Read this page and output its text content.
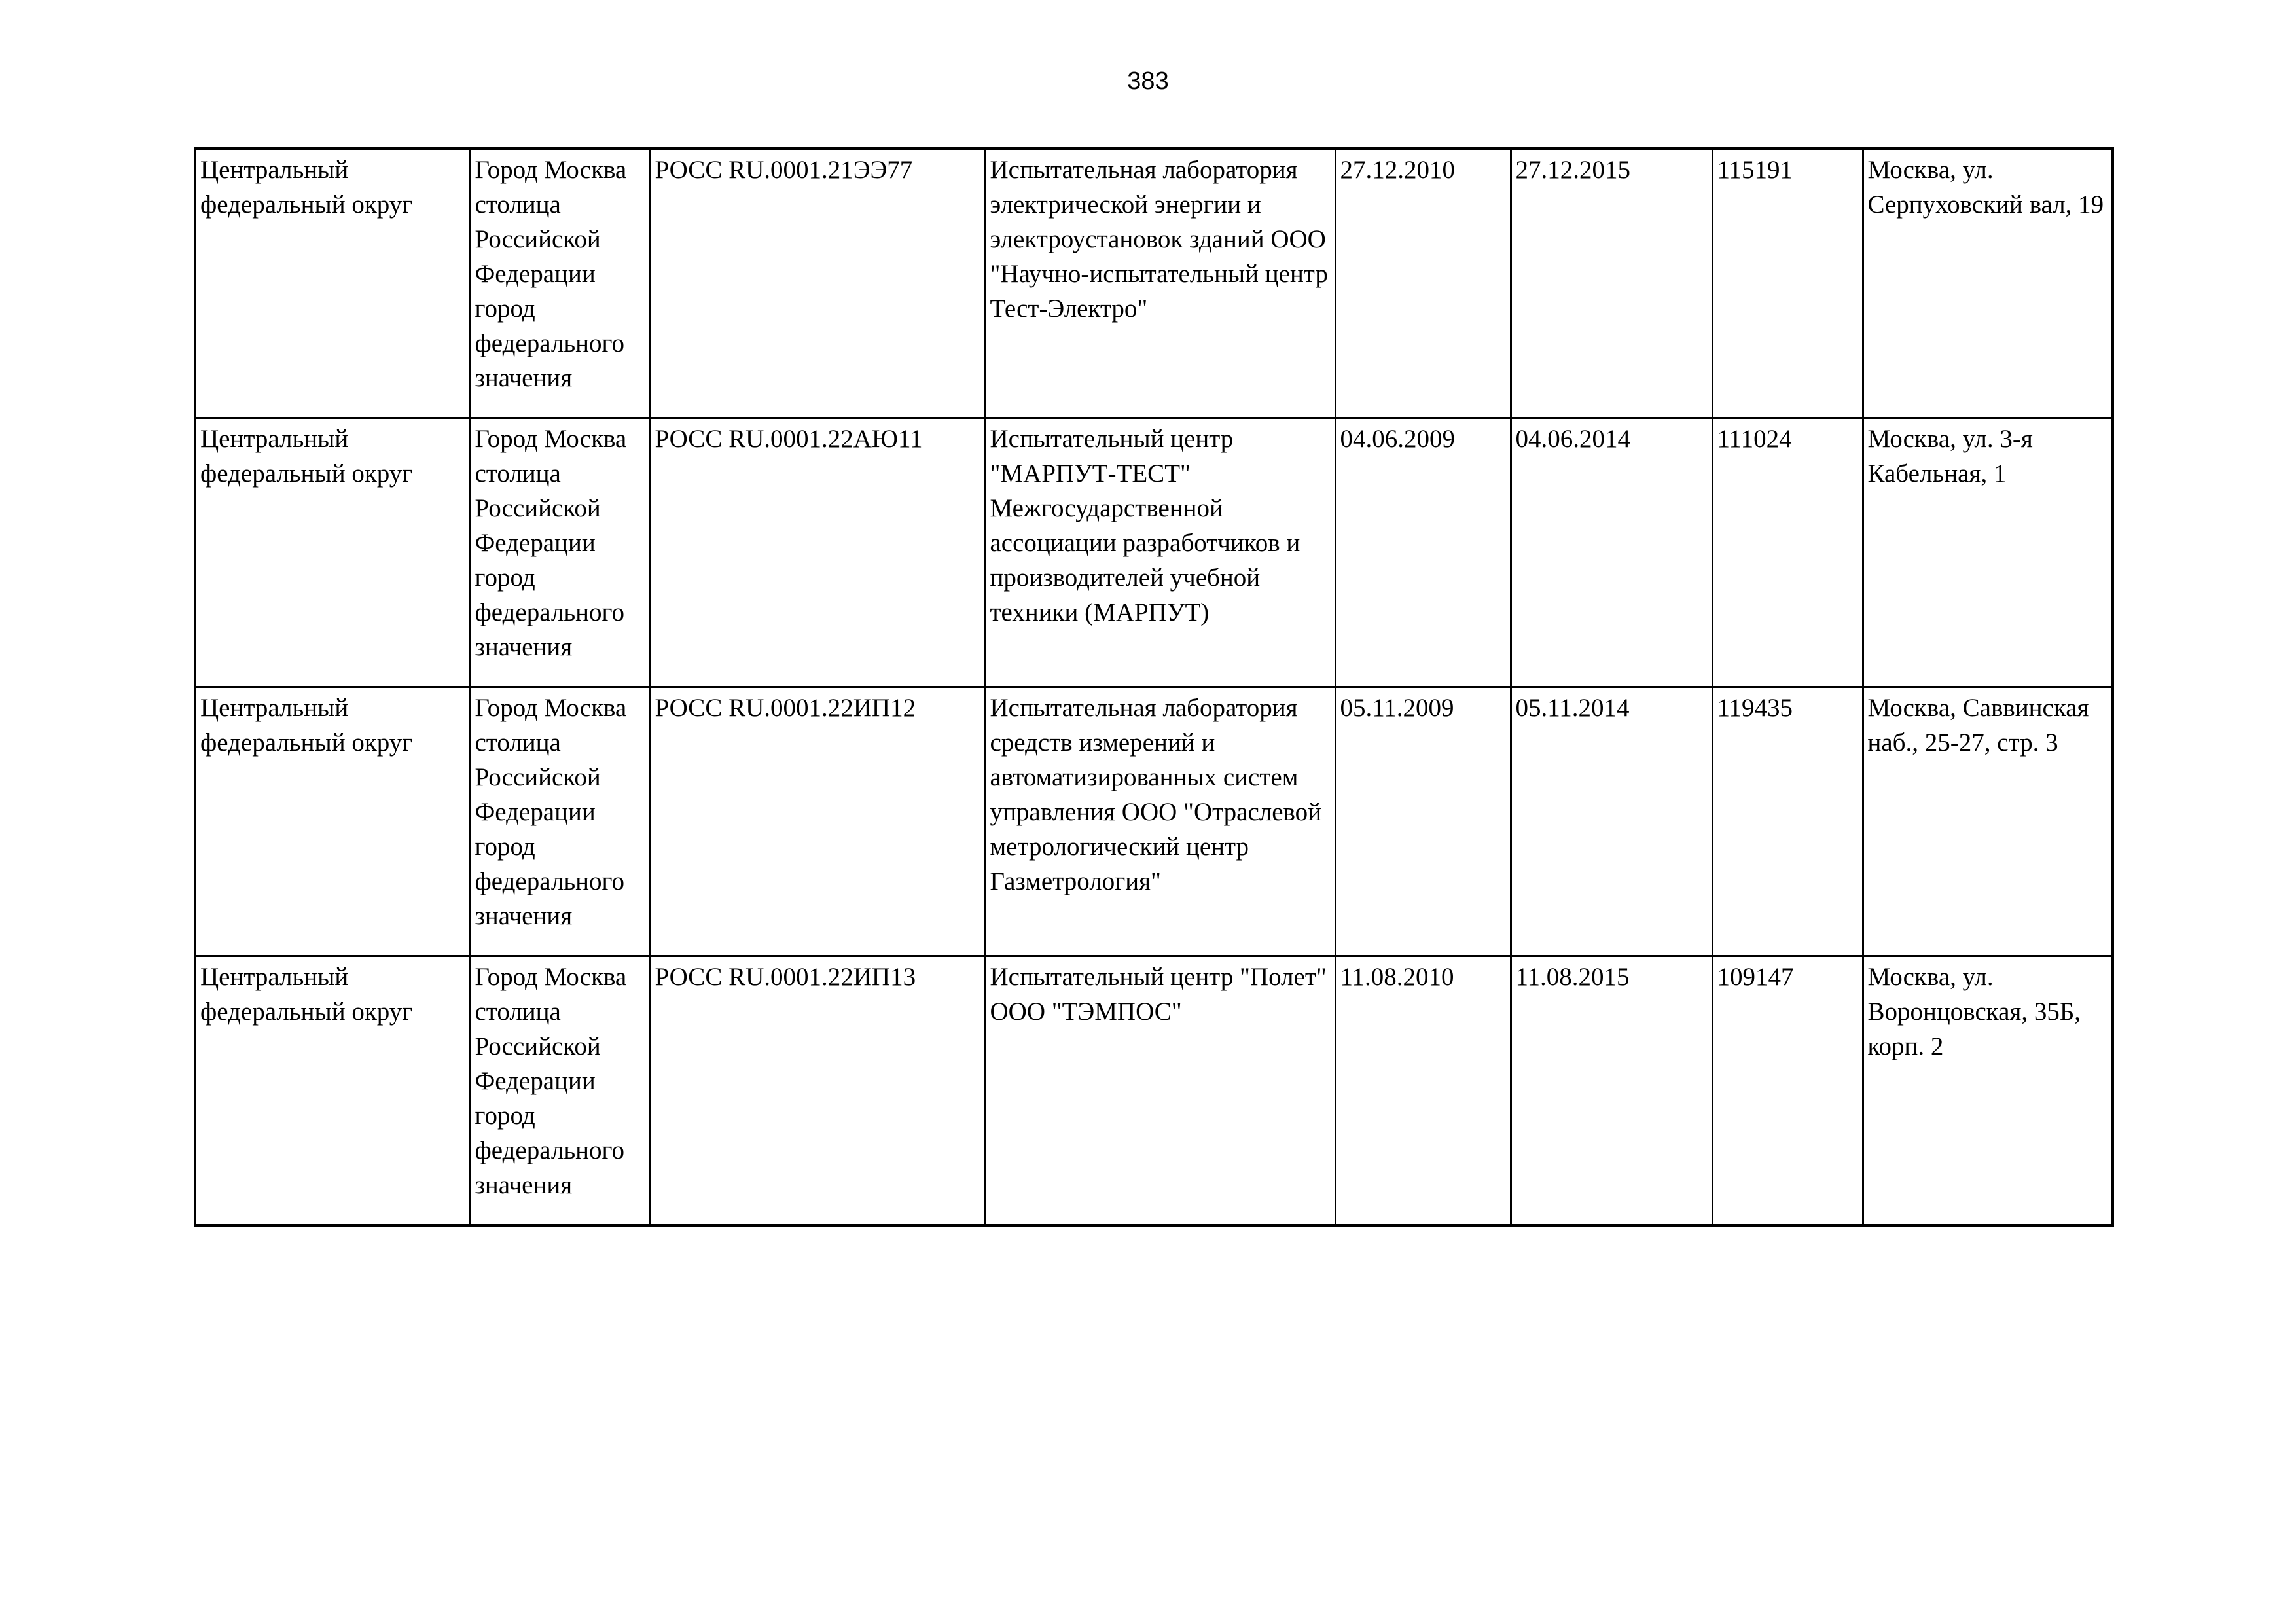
383
Центральный федеральный округ	Город Москва столица Российской Федерации город федерального значения	РОСС RU.0001.21ЭЭ77	Испытательная лаборатория электрической энергии и электроустановок зданий ООО "Научно-испытательный центр Тест-Электро"	27.12.2010	27.12.2015	115191	Москва, ул. Серпуховский вал, 19

Центральный федеральный округ	Город Москва столица Российской Федерации город федерального значения	РОСС RU.0001.22АЮ11	Испытательный центр "МАРПУТ-ТЕСТ" Межгосударственной ассоциации разработчиков и производителей учебной техники (МАРПУТ)	04.06.2009	04.06.2014	111024	Москва, ул. 3-я Кабельная, 1

Центральный федеральный округ	Город Москва столица Российской Федерации город федерального значения	РОСС RU.0001.22ИП12	Испытательная лаборатория средств измерений и автоматизированных систем управления ООО "Отраслевой метрологический центр Газметрология"	05.11.2009	05.11.2014	119435	Москва, Саввинская наб., 25-27, стр. 3

Центральный федеральный округ	Город Москва столица Российской Федерации город федерального значения	РОСС RU.0001.22ИП13	Испытательный центр "Полет" ООО "ТЭМПОС"	11.08.2010	11.08.2015	109147	Москва, ул. Воронцовская, 35Б, корп. 2
